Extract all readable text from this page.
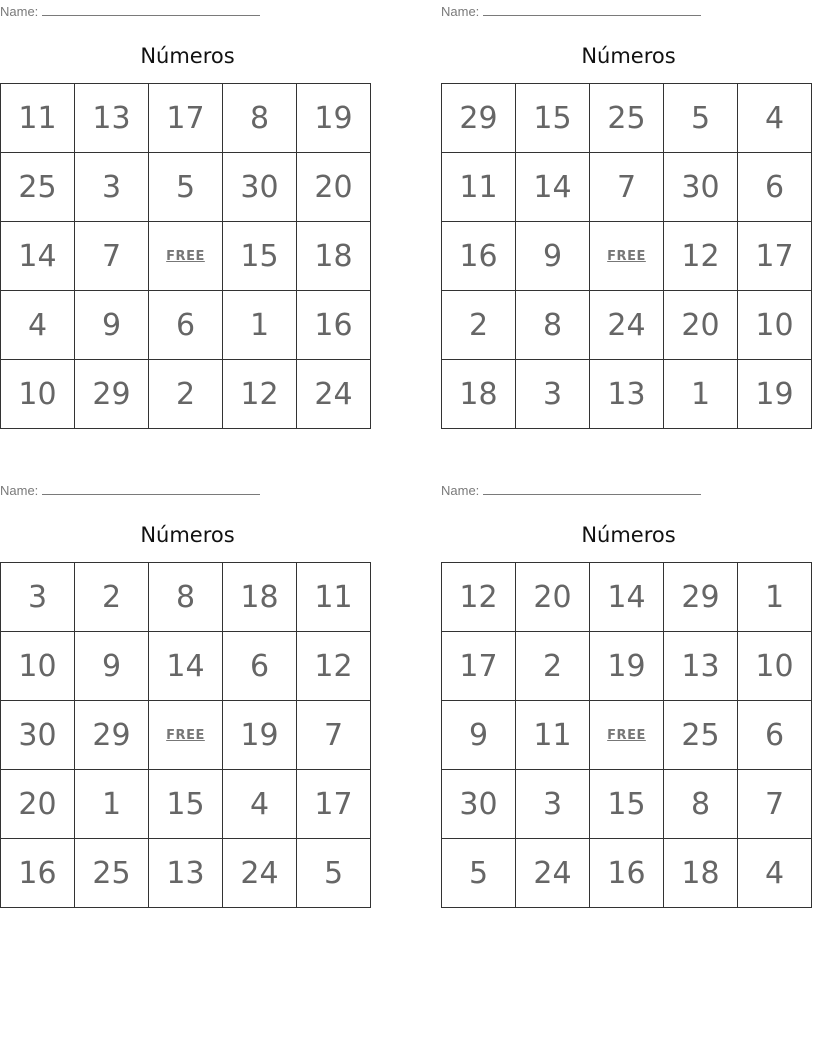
Name:
Números
11	13	17	8	19
25	3	5	30	20
14	7	FREE	15	18
4	9	6	1	16
10	29	2	12	24
Name:
Números
29	15	25	5	4
11	14	7	30	6
16	9	FREE	12	17
2	8	24	20	10
18	3	13	1	19
Name:
Números
3	2	8	18	11
10	9	14	6	12
30	29	FREE	19	7
20	1	15	4	17
16	25	13	24	5
Name:
Números
12	20	14	29	1
17	2	19	13	10
9	11	FREE	25	6
30	3	15	8	7
5	24	16	18	4
